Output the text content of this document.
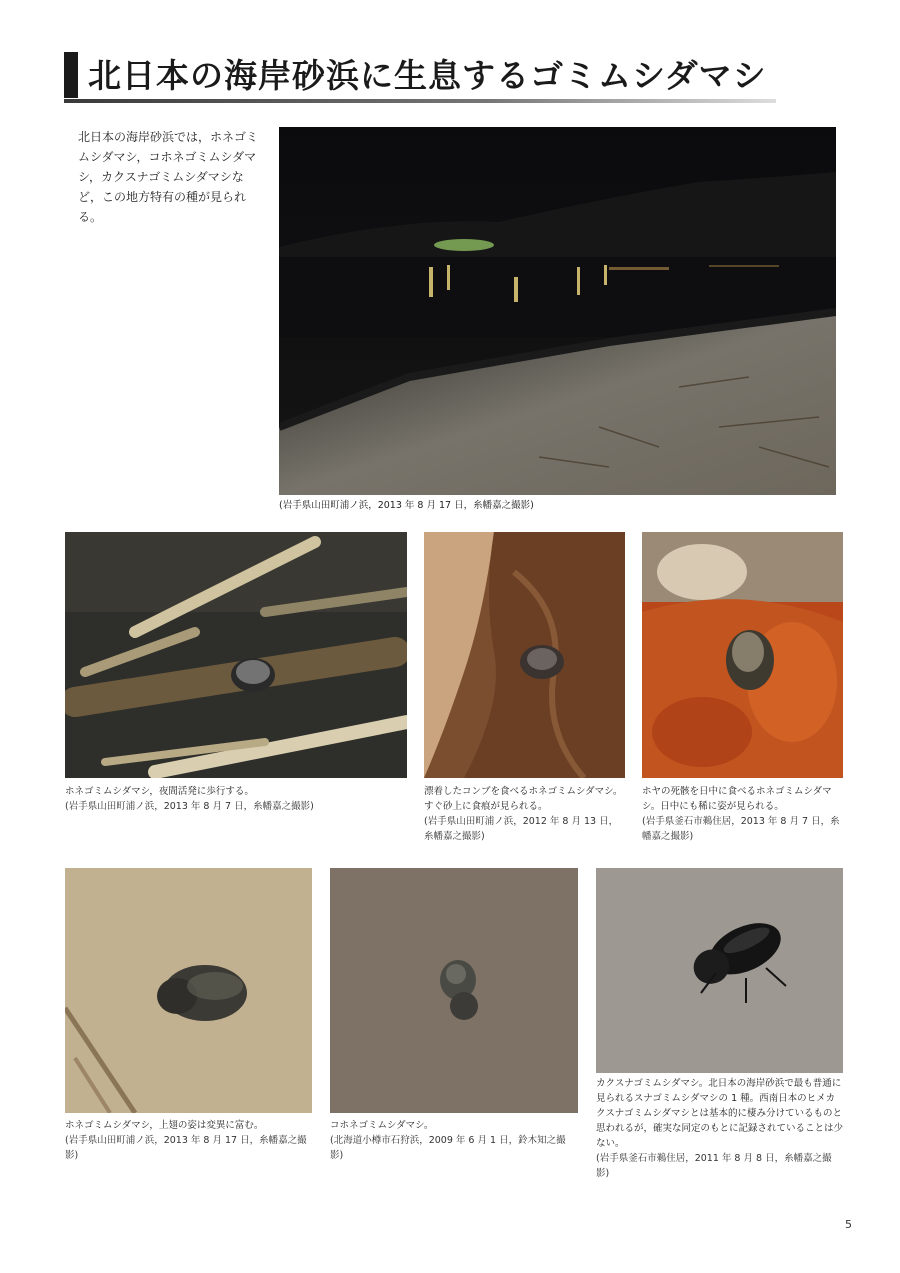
北日本の海岸砂浜に生息するゴミムシダマシ
北日本の海岸砂浜では，ホネゴミムシダマシ，コホネゴミムシダマシ，カクスナゴミムシダマシなど，この地方特有の種が見られる。
(岩手県山田町浦ノ浜，2013 年 8 月 17 日，糸幡嘉之撮影)
ホネゴミムシダマシ，夜間活発に歩行する。
(岩手県山田町浦ノ浜，2013 年 8 月 7 日，糸幡嘉之撮影)
漂着したコンブを食べるホネゴミムシダマシ。すぐ砂上に食痕が見られる。
(岩手県山田町浦ノ浜，2012 年 8 月 13 日，糸幡嘉之撮影)
ホヤの死骸を日中に食べるホネゴミムシダマシ。日中にも稀に姿が見られる。
(岩手県釜石市鵜住居，2013 年 8 月 7 日，糸幡嘉之撮影)
ホネゴミムシダマシ，上翅の姿は変異に富む。
(岩手県山田町浦ノ浜，2013 年 8 月 17 日，糸幡嘉之撮影)
コホネゴミムシダマシ。
(北海道小樽市石狩浜，2009 年 6 月 1 日，鈴木知之撮影)
カクスナゴミムシダマシ。北日本の海岸砂浜で最も普通に見られるスナゴミムシダマシの 1 種。西南日本のヒメカクスナゴミムシダマシとは基本的に棲み分けているものと思われるが，確実な同定のもとに記録されていることは少ない。
(岩手県釜石市鵜住居，2011 年 8 月 8 日，糸幡嘉之撮影)
5
